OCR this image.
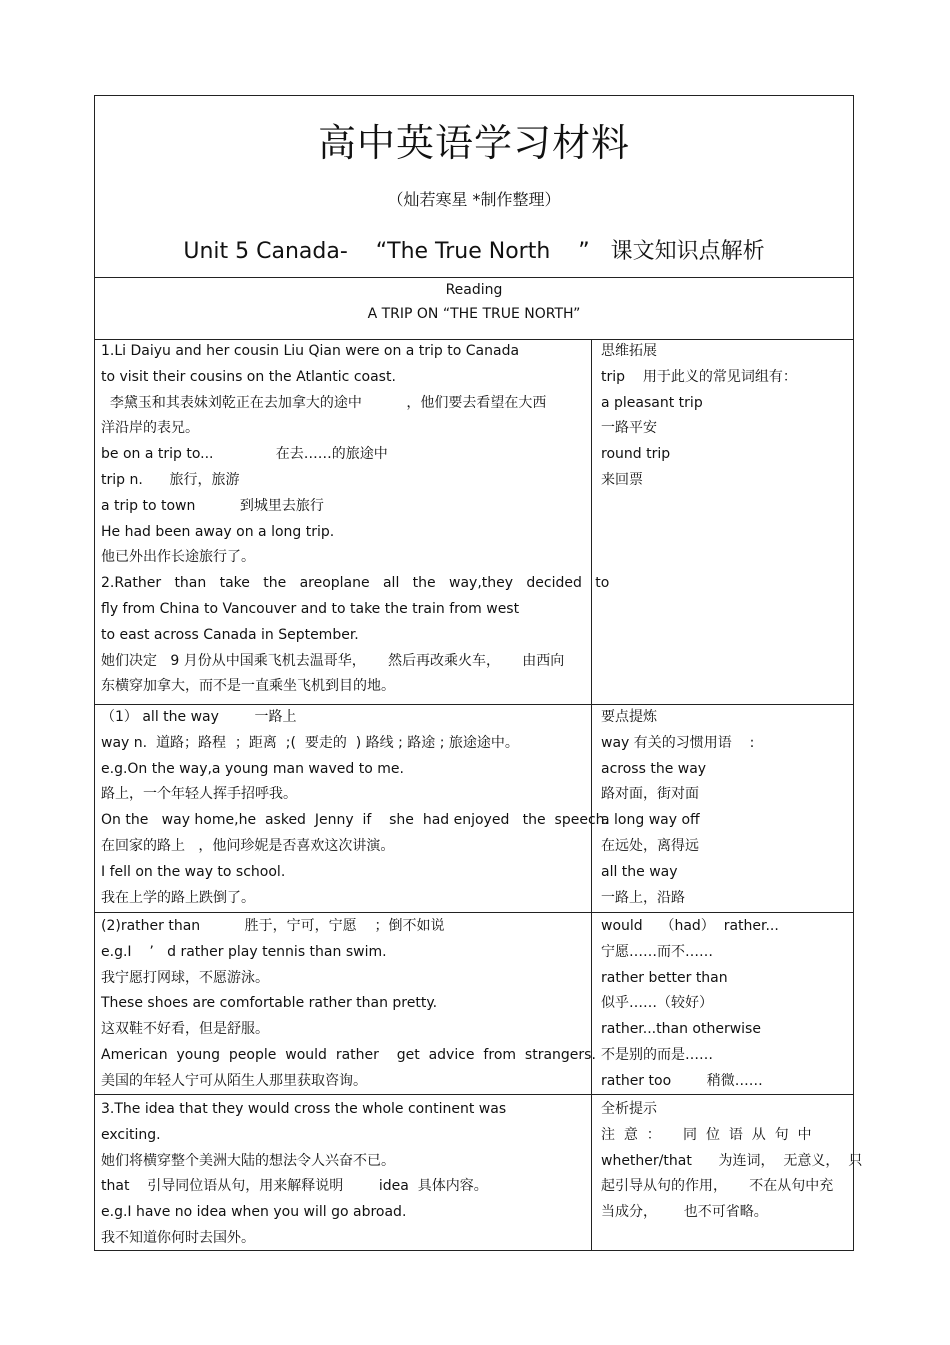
高中英语学习材料
（灿若寒星 *制作整理）
Unit 5 Canada-    “The True North    ”   课文知识点解析
Reading
A TRIP ON “THE TRUE NORTH”
1.Li Daiyu and her cousin Liu Qian were on a trip to Canada
to visit their cousins on the Atlantic coast.
李黛玉和其表妹刘乾正在去加拿大的途中          ，他们要去看望在大西
洋沿岸的表兄。
be on a trip to...              在去……的旅途中
trip n.      旅行，旅游
a trip to town          到城里去旅行
He had been away on a long trip.
他已外出作长途旅行了。
2.Rather   than   take   the   areoplane   all   the   way,they   decided   to
fly from China to Vancouver and to take the train from west
to east across Canada in September.
她们决定   9 月份从中国乘飞机去温哥华，     然后再改乘火车，     由西向
东横穿加拿大，而不是一直乘坐飞机到目的地。
思维拓展
trip    用于此义的常见词组有：
a pleasant trip
一路平安
round trip
来回票
（1） all the way        一路上
way n.  道路；路程  ；距离  ;(  要走的  ) 路线 ; 路途 ; 旅途途中。
e.g.On the way,a young man waved to me.
路上，一个年轻人挥手招呼我。
On the   way home,he  asked  Jenny  if    she  had enjoyed   the  speech.
在回家的路上   ，他问珍妮是否喜欢这次讲演。
I fell on the way to school.
我在上学的路上跌倒了。
要点提炼
way 有关的习惯用语    :
across the way
路对面，街对面
a long way off
在远处，离得远
all the way
一路上，沿路
(2)rather than          胜于，宁可，宁愿    ；倒不如说
e.g.I    ’   d rather play tennis than swim.
我宁愿打网球，不愿游泳。
These shoes are comfortable rather than pretty.
这双鞋不好看，但是舒服。
American  young  people  would  rather    get  advice  from  strangers.
美国的年轻人宁可从陌生人那里获取咨询。
would    （had）  rather...
宁愿……而不……
rather better than
似乎……（较好）
rather...than otherwise
不是别的而是……
rather too        稍微……
3.The idea that they would cross the whole continent was
exciting.
她们将横穿整个美洲大陆的想法令人兴奋不已。
that    引导同位语从句，用来解释说明        idea  具体内容。
e.g.I have no idea when you will go abroad.
我不知道你何时去国外。
全析提示
注  意  ：     同  位  语  从  句  中
whether/that      为连词，  无意义，  只
起引导从句的作用，     不在从句中充
当成分，      也不可省略。
